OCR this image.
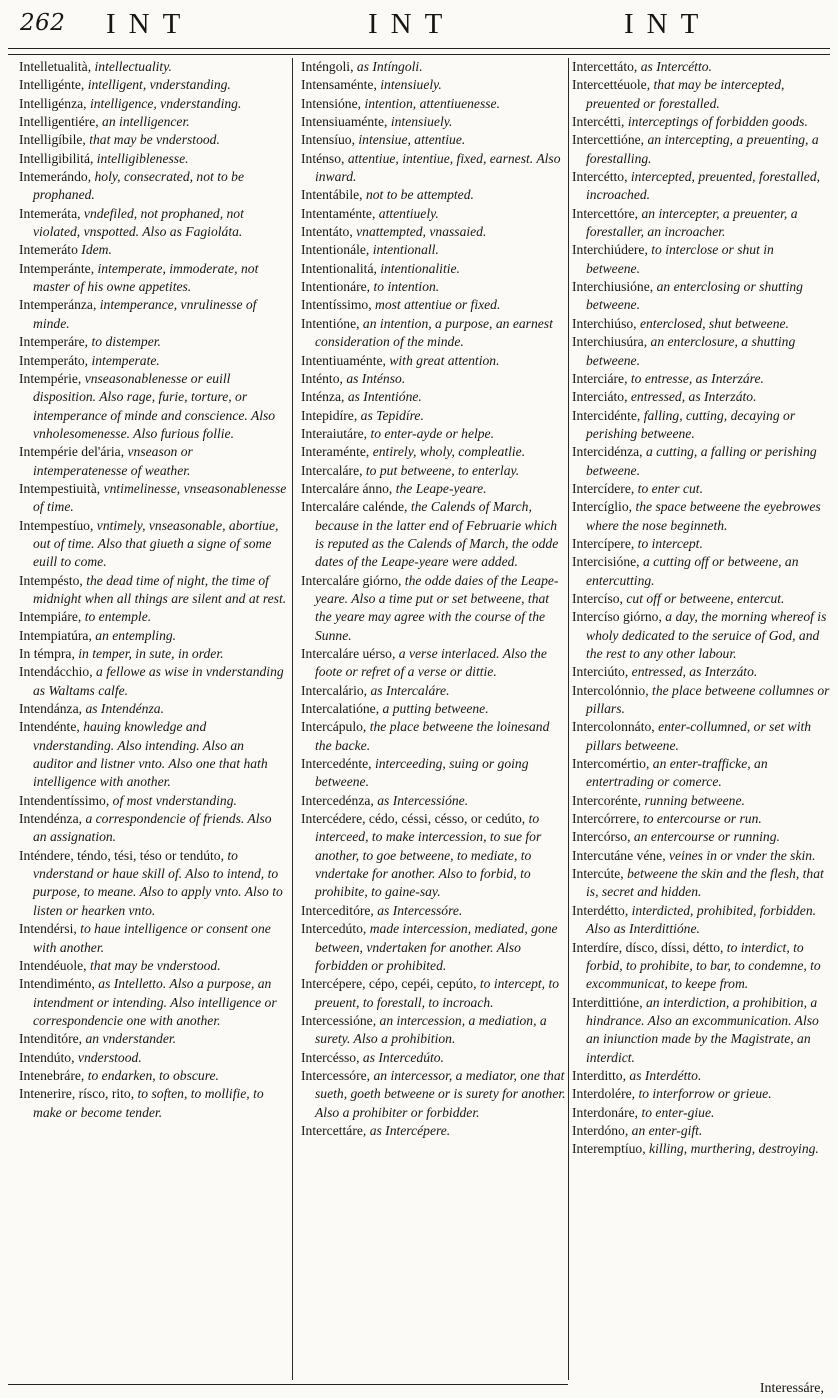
262 INT	INT	INT
Intelletualità, intellectuality.
Intelligénte, intelligent, vnderstanding.
Intelligénza, intelligence, vnderstanding.
Intelligentiére, an intelligencer.
Intelligíbile, that may be vnderstood.
Intelligibilitá, intelligiblenesse.
Intemerándo, holy, consecrated, not to be prophaned.
Intemeráta, vndefiled, not prophaned, not violated, vnspotted. Also as Fagioláta.
Intemeráto Idem.
Intemperánte, intemperate, immoderate, not master of his owne appetites.
Intemperánza, intemperance, vnrulinesse of minde.
Intemperáre, to distemper.
Intemperáto, intemperate.
Intempérie, vnseasonablenesse or euill disposition. Also rage, furie, torture, or intemperance of minde and conscience. Also vnholesomenesse. Also furious follie.
Intempérie del'ária, vnseason or intemperatenesse of weather.
Intempestiuità, vntimelinesse, vnseasonablenesse of time.
Intempestíuo, vntimely, vnseasonable, abortiue, out of time. Also that giueth a signe of some euill to come.
Intempésto, the dead time of night, the time of midnight when all things are silent and at rest.
Intempiáre, to entemple.
Intempiatúra, an entempling.
In témpra, in temper, in sute, in order.
Intendácchio, a fellowe as wise in vnderstanding as Waltams calfe.
Intendánza, as Intendénza.
Intendénte, hauing knowledge and vnderstanding. Also intending. Also an auditor and listner vnto. Also one that hath intelligence with another.
Intendentíssimo, of most vnderstanding.
Intendénza, a correspondencie of friends. Also an assignation.
Inténdere, téndo, tési, téso or tendúto, to vnderstand or haue skill of. Also to intend, to purpose, to meane. Also to apply vnto. Also to listen or hearken vnto.
Intendérsi, to haue intelligence or consent one with another.
Intendéuole, that may be vnderstood.
Intendiménto, as Intelletto. Also a purpose, an intendment or intending. Also intelligence or correspondencie one with another.
Intenditóre, an vnderstander.
Intendúto, vnderstood.
Intenebráre, to endarken, to obscure.
Intenerire, rísco, rito, to soften, to mollifie, to make or become tender.
Inténgoli, as Intíngoli.
Intensaménte, intensiuely.
Intensióne, intention, attentiuenesse.
Intensiuaménte, intensiuely.
Intensíuo, intensiue, attentiue.
Inténso, attentiue, intentiue, fixed, earnest. Also inward.
Intentábile, not to be attempted.
Intentaménte, attentiuely.
Intentáto, vnattempted, vnassaied.
Intentionále, intentionall.
Intentionalitá, intentionalitie.
Intentionáre, to intention.
Intentíssimo, most attentiue or fixed.
Intentióne, an intention, a purpose, an earnest consideration of the minde.
Intentiuaménte, with great attention.
Inténto, as Inténso.
Inténza, as Intentióne.
Intepidíre, as Tepidíre.
Interaiutáre, to enter-ayde or helpe.
Interaménte, entirely, wholy, compleatlie.
Intercaláre, to put betweene, to enterlay.
Intercaláre ánno, the Leape-yeare.
Intercaláre caléndе, the Calends of March, because in the latter end of Februarie which is reputed as the Calends of March, the odde dates of the Leape-yeare were added.
Intercaláre giórno, the odde daies of the Leape-yeare. Also a time put or set betweene, that the yeare may agree with the course of the Sunne.
Intercaláre uérso, a verse interlaced. Also the foote or refret of a verse or dittie.
Intercalário, as Intercaláre.
Intercalatióne, a putting betweene.
Intercápulo, the place betweene the loinesand the backe.
Intercedénte, interceeding, suing or going betweene.
Intercedénza, as Intercessióne.
Intercédere, cédo, céssi, césso, or cedúto, to interceed, to make intercession, to sue for another, to goe betweene, to mediate, to vndertake for another. Also to forbid, to prohibite, to gaine-say.
Interceditóre, as Intercessóre.
Intercedúto, made intercession, mediated, gone between, vndertaken for another. Also forbidden or prohibited.
Intercépere, cépo, cepéi, cepúto, to intercept, to preuent, to forestall, to incroach.
Intercessióne, an intercession, a mediation, a surety. Also a prohibition.
Intercésso, as Intercedúto.
Intercessóre, an intercessor, a mediator, one that sueth, goeth betweene or is surety for another. Also a prohibiter or forbidder.
Intercettáre, as Intercépere.
Intercettáto, as Intercétto.
Intercettéuole, that may be intercepted, preuented or forestalled.
Intercétti, interceptings of forbidden goods.
Intercettióne, an intercepting, a preuenting, a forestalling.
Intercétto, intercepted, preuented, forestalled, incroached.
Intercettóre, an intercepter, a preuenter, a forestaller, an incroacher.
Interchiúdere, to interclose or shut in betweene.
Interchiusióne, an enterclosing or shutting betweene.
Interchiúso, enterclosed, shut betweene.
Interchiusúra, an enterclosure, a shutting betweene.
Interciáre, to entresse, as Interzáre.
Interciáto, entressed, as Interzáto.
Intercidénte, falling, cutting, decaying or perishing betweene.
Intercidénza, a cutting, a falling or perishing betweene.
Intercídere, to enter cut.
Intercíglio, the space betweene the eyebrowes where the nose beginneth.
Intercípere, to intercept.
Intercisióne, a cutting off or betweene, an entercutting.
Intercíso, cut off or betweene, entercut.
Intercíso giórno, a day, the morning whereof is wholy dedicated to the seruice of God, and the rest to any other labour.
Interciúto, entressed, as Interzáto.
Intercolónnio, the place betweene collumnes or pillars.
Intercolonnáto, enter-collumned, or set with pillars betweene.
Intercomértio, an enter-trafficke, an entertrading or comerce.
Intercorénte, running betweene.
Intercórrere, to entercourse or run.
Intercórso, an entercourse or running.
Intercutáne véne, veines in or vnder the skin.
Intercúte, betweene the skin and the flesh, that is, secret and hidden.
Interdétto, interdicted, prohibited, forbidden. Also as Interdittióne.
Interdíre, dísco, díssi, détto, to interdict, to forbid, to prohibite, to bar, to condemne, to excommunicat, to keepe from.
Interdittióne, an interdiction, a prohibition, a hindrance. Also an excommunication. Also an iniunction made by the Magistrate, an interdict.
Interditto, as Interdétto.
Interdolére, to interforrow or grieue.
Interdonáre, to enter-giue.
Interdóno, an enter-gift.
Interemptíuo, killing, murthering, destroying.
Interessáre,
